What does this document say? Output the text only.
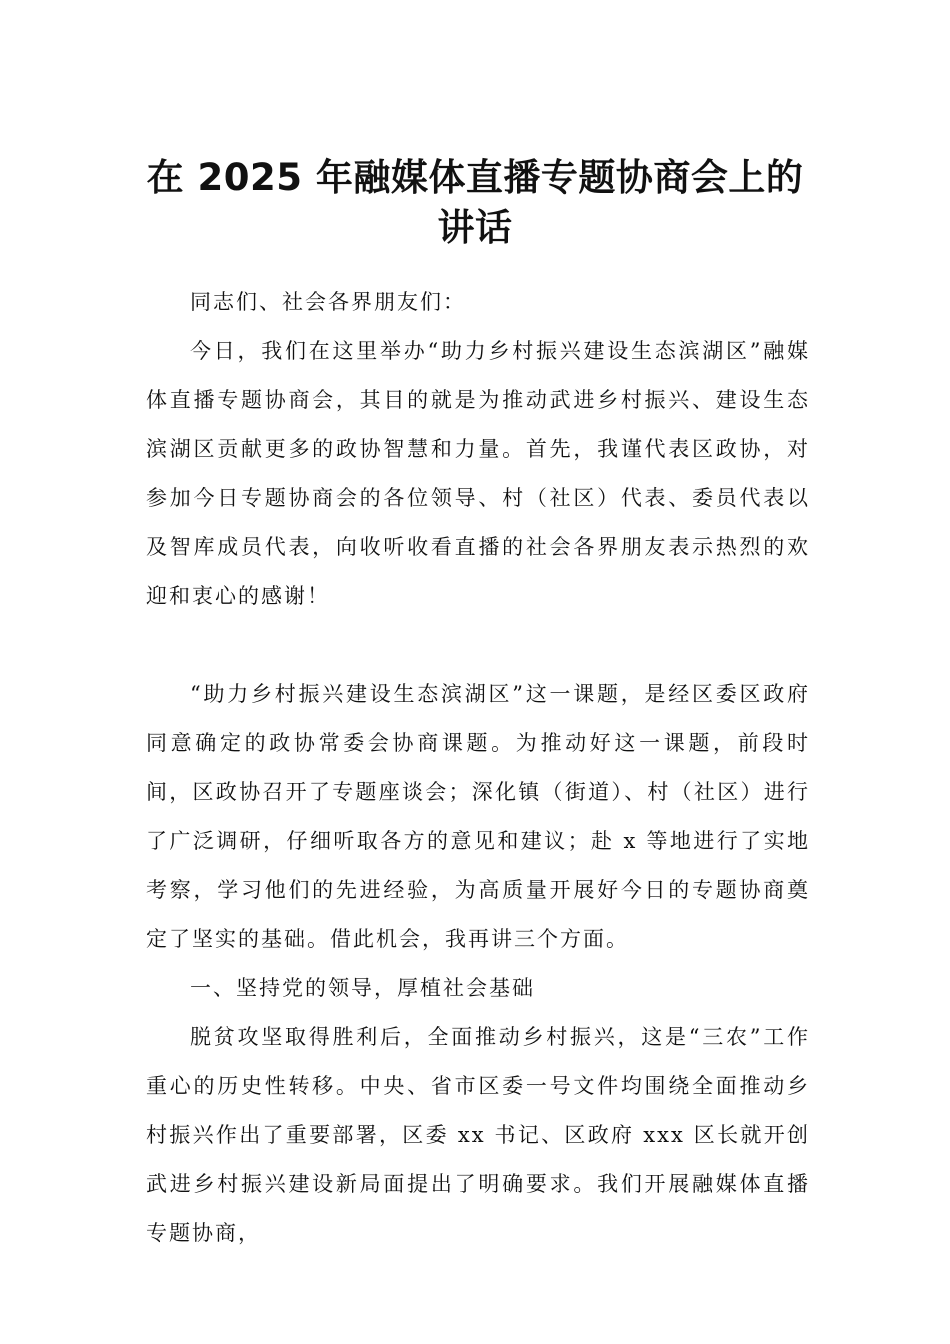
在 2025 年融媒体直播专题协商会上的
讲话

同志们、社会各界朋友们：

今日，我们在这里举办“助力乡村振兴建设生态滨湖区”融媒体直播专题协商会，其目的就是为推动武进乡村振兴、建设生态滨湖区贡献更多的政协智慧和力量。首先，我谨代表区政协，对参加今日专题协商会的各位领导、村（社区）代表、委员代表以及智库成员代表，向收听收看直播的社会各界朋友表示热烈的欢迎和衷心的感谢！

“助力乡村振兴建设生态滨湖区”这一课题，是经区委区政府同意确定的政协常委会协商课题。为推动好这一课题，前段时间，区政协召开了专题座谈会；深化镇（街道）、村（社区）进行了广泛调研，仔细听取各方的意见和建议；赴 x 等地进行了实地考察，学习他们的先进经验，为高质量开展好今日的专题协商奠定了坚实的基础。借此机会，我再讲三个方面。

一、坚持党的领导，厚植社会基础

脱贫攻坚取得胜利后，全面推动乡村振兴，这是“三农”工作重心的历史性转移。中央、省市区委一号文件均围绕全面推动乡村振兴作出了重要部署，区委 xx 书记、区政府 xxx 区长就开创武进乡村振兴建设新局面提出了明确要求。我们开展融媒体直播专题协商，
